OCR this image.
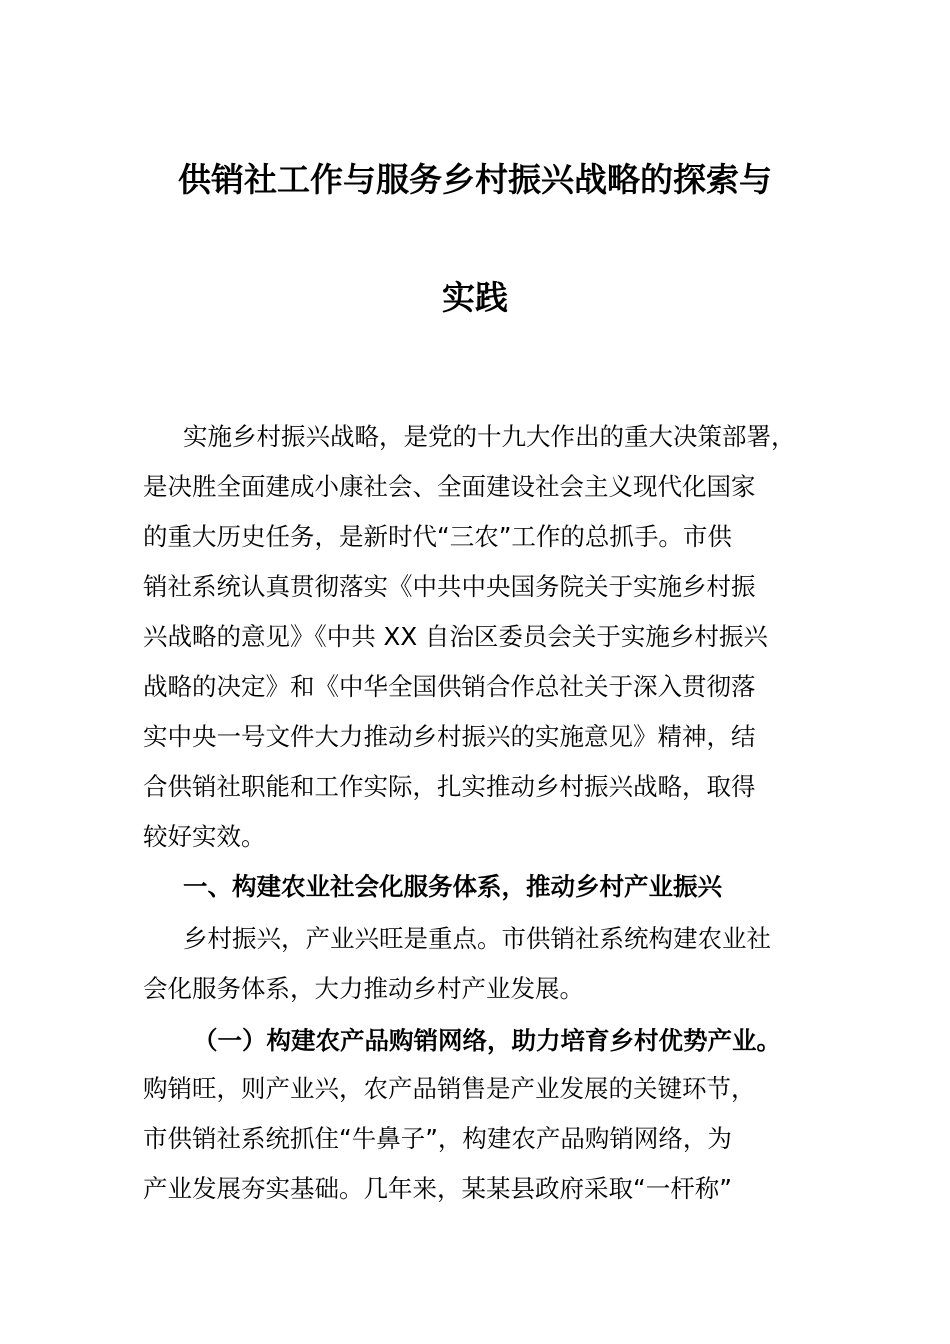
供销社工作与服务乡村振兴战略的探索与
实践
实施乡村振兴战略，是党的十九大作出的重大决策部署，
是决胜全面建成小康社会、全面建设社会主义现代化国家
的重大历史任务，是新时代“三农”工作的总抓手。市供
销社系统认真贯彻落实《中共中央国务院关于实施乡村振
兴战略的意见》《中共 XX 自治区委员会关于实施乡村振兴
战略的决定》和《中华全国供销合作总社关于深入贯彻落
实中央一号文件大力推动乡村振兴的实施意见》精神，结
合供销社职能和工作实际，扎实推动乡村振兴战略，取得
较好实效。
一、构建农业社会化服务体系，推动乡村产业振兴
乡村振兴，产业兴旺是重点。市供销社系统构建农业社
会化服务体系，大力推动乡村产业发展。
（一）构建农产品购销网络，助力培育乡村优势产业。
购销旺，则产业兴，农产品销售是产业发展的关键环节，
市供销社系统抓住“牛鼻子”，构建农产品购销网络，为
产业发展夯实基础。几年来，某某县政府采取“一杆称”
